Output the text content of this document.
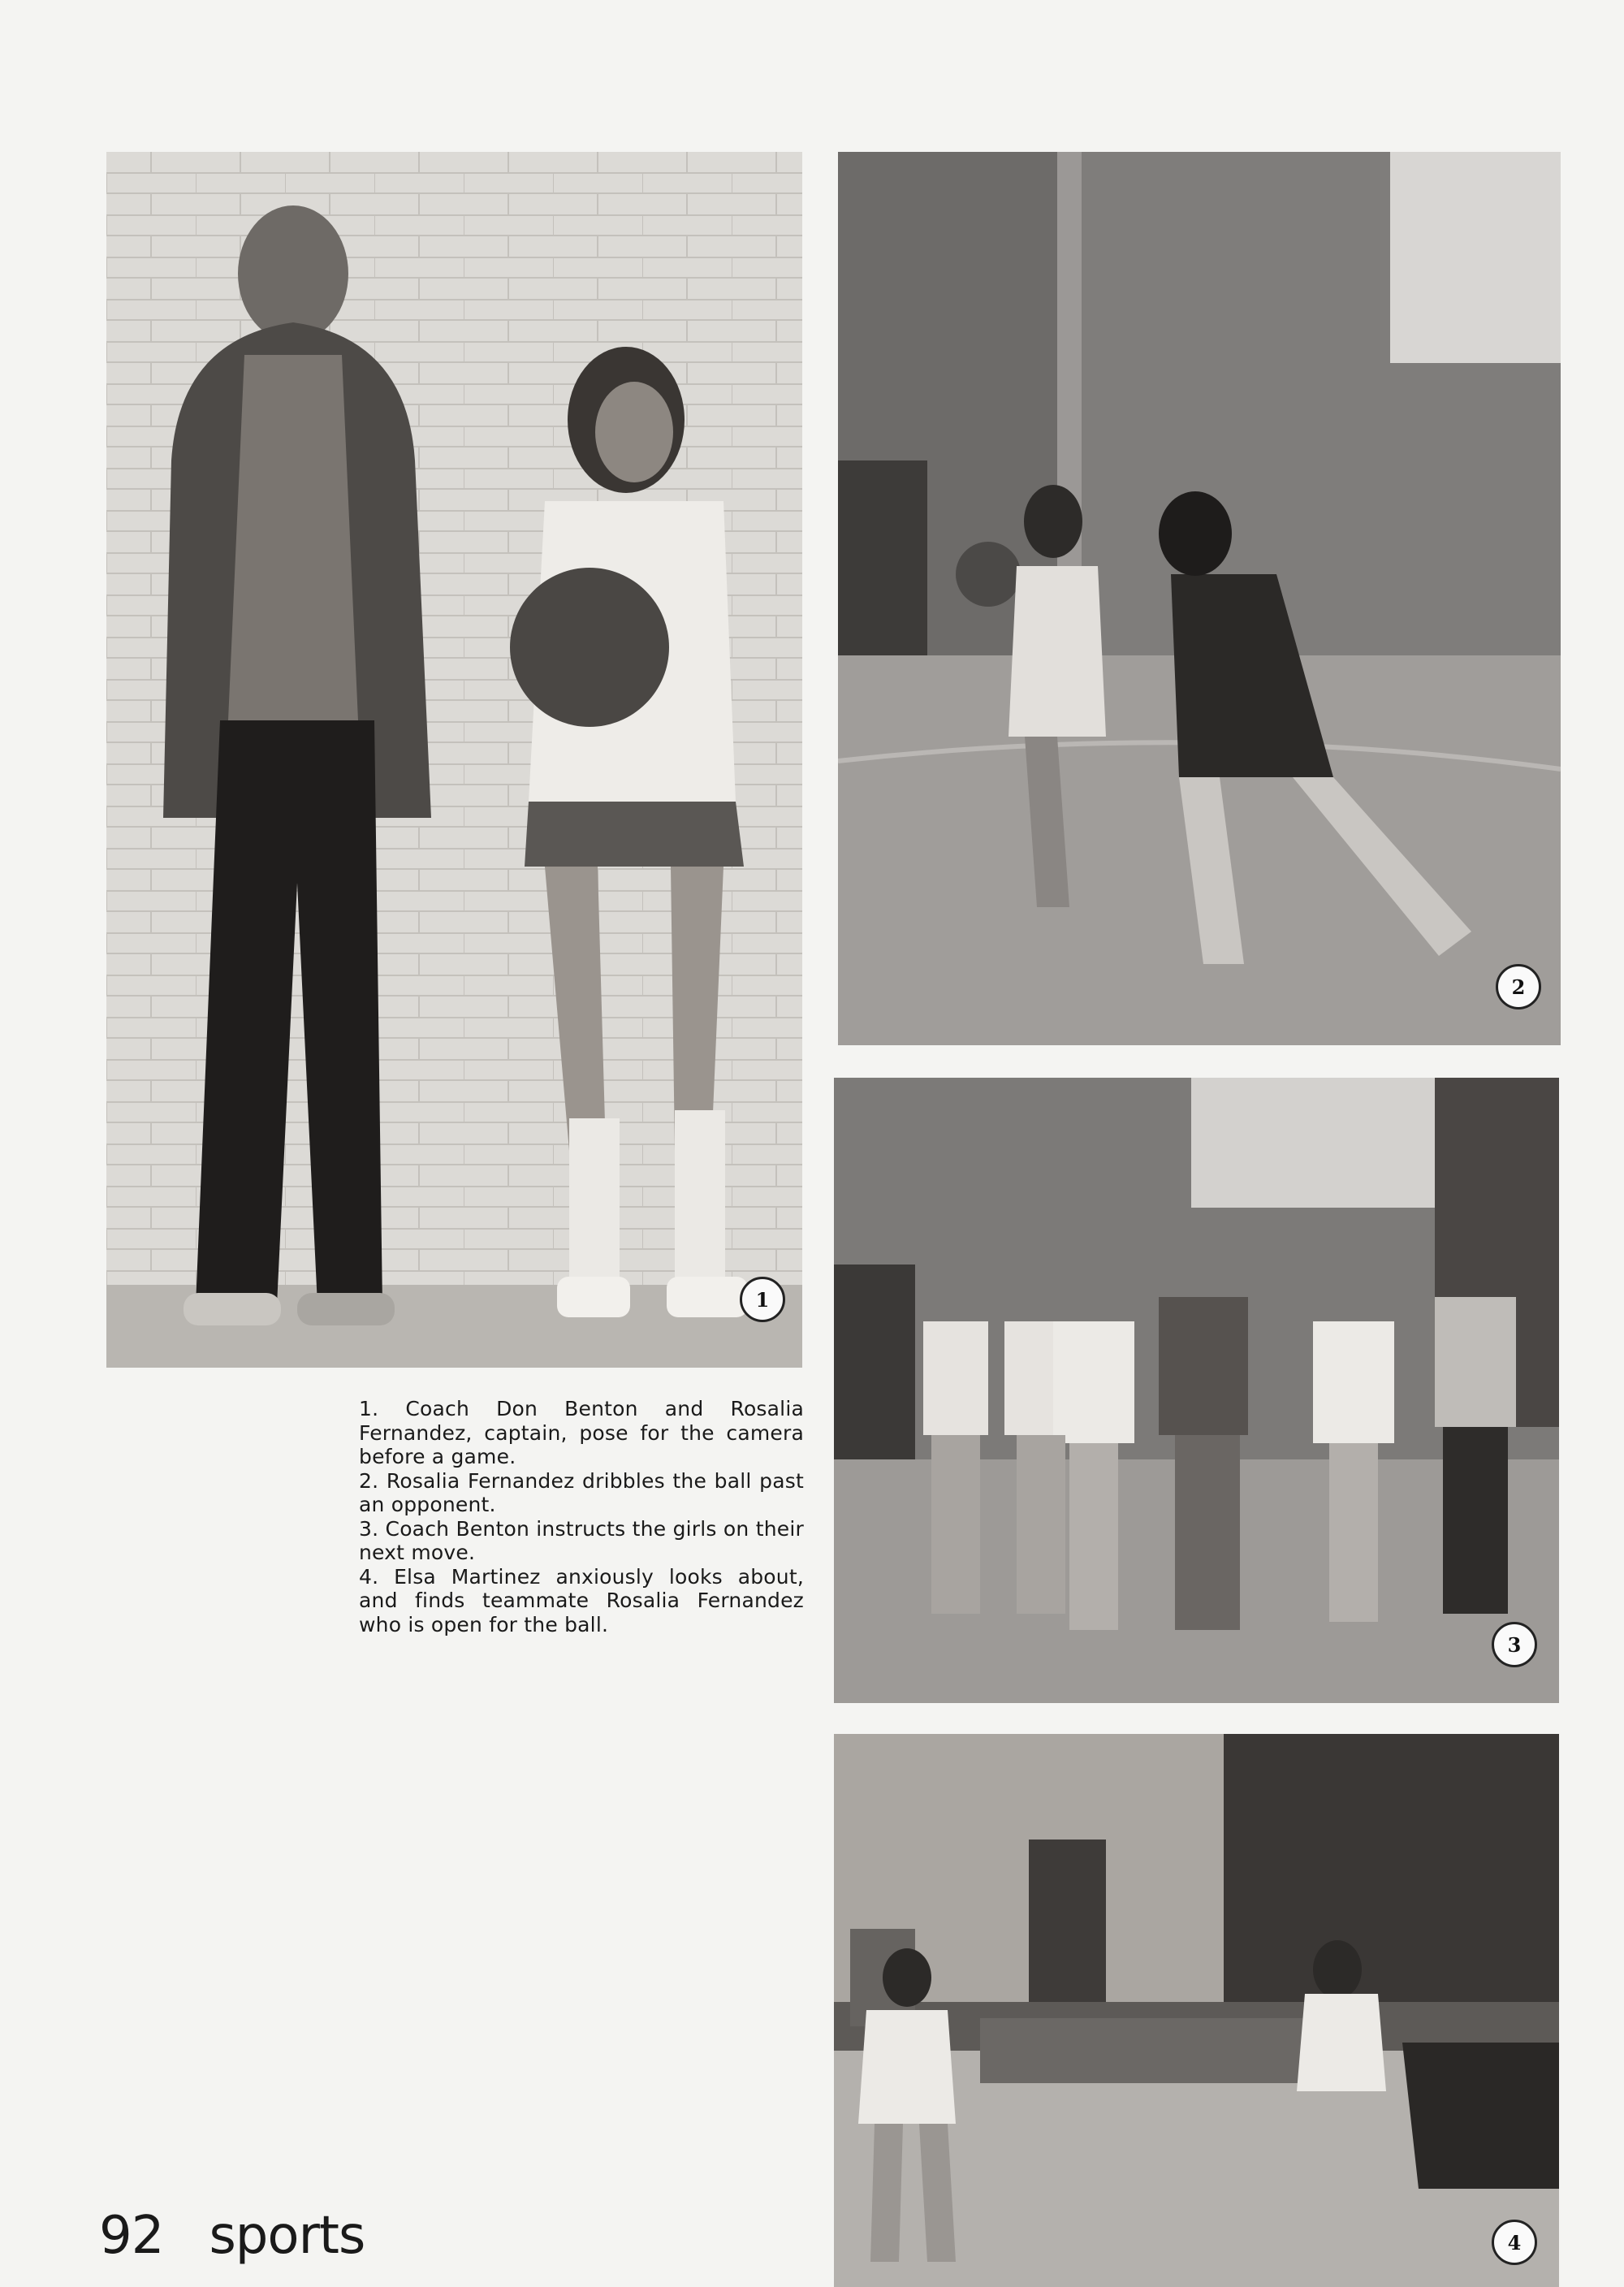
1
2
3
4

1. Coach Don Benton and Rosalia Fernandez, captain, pose for the camera before a game.

2. Rosalia Fernandez dribbles the ball past an opponent.

3. Coach Benton instructs the girls on their next move.

4. Elsa Martinez anxiously looks about, and finds teammate Rosalia Fernandez who is open for the ball.

92 sports
